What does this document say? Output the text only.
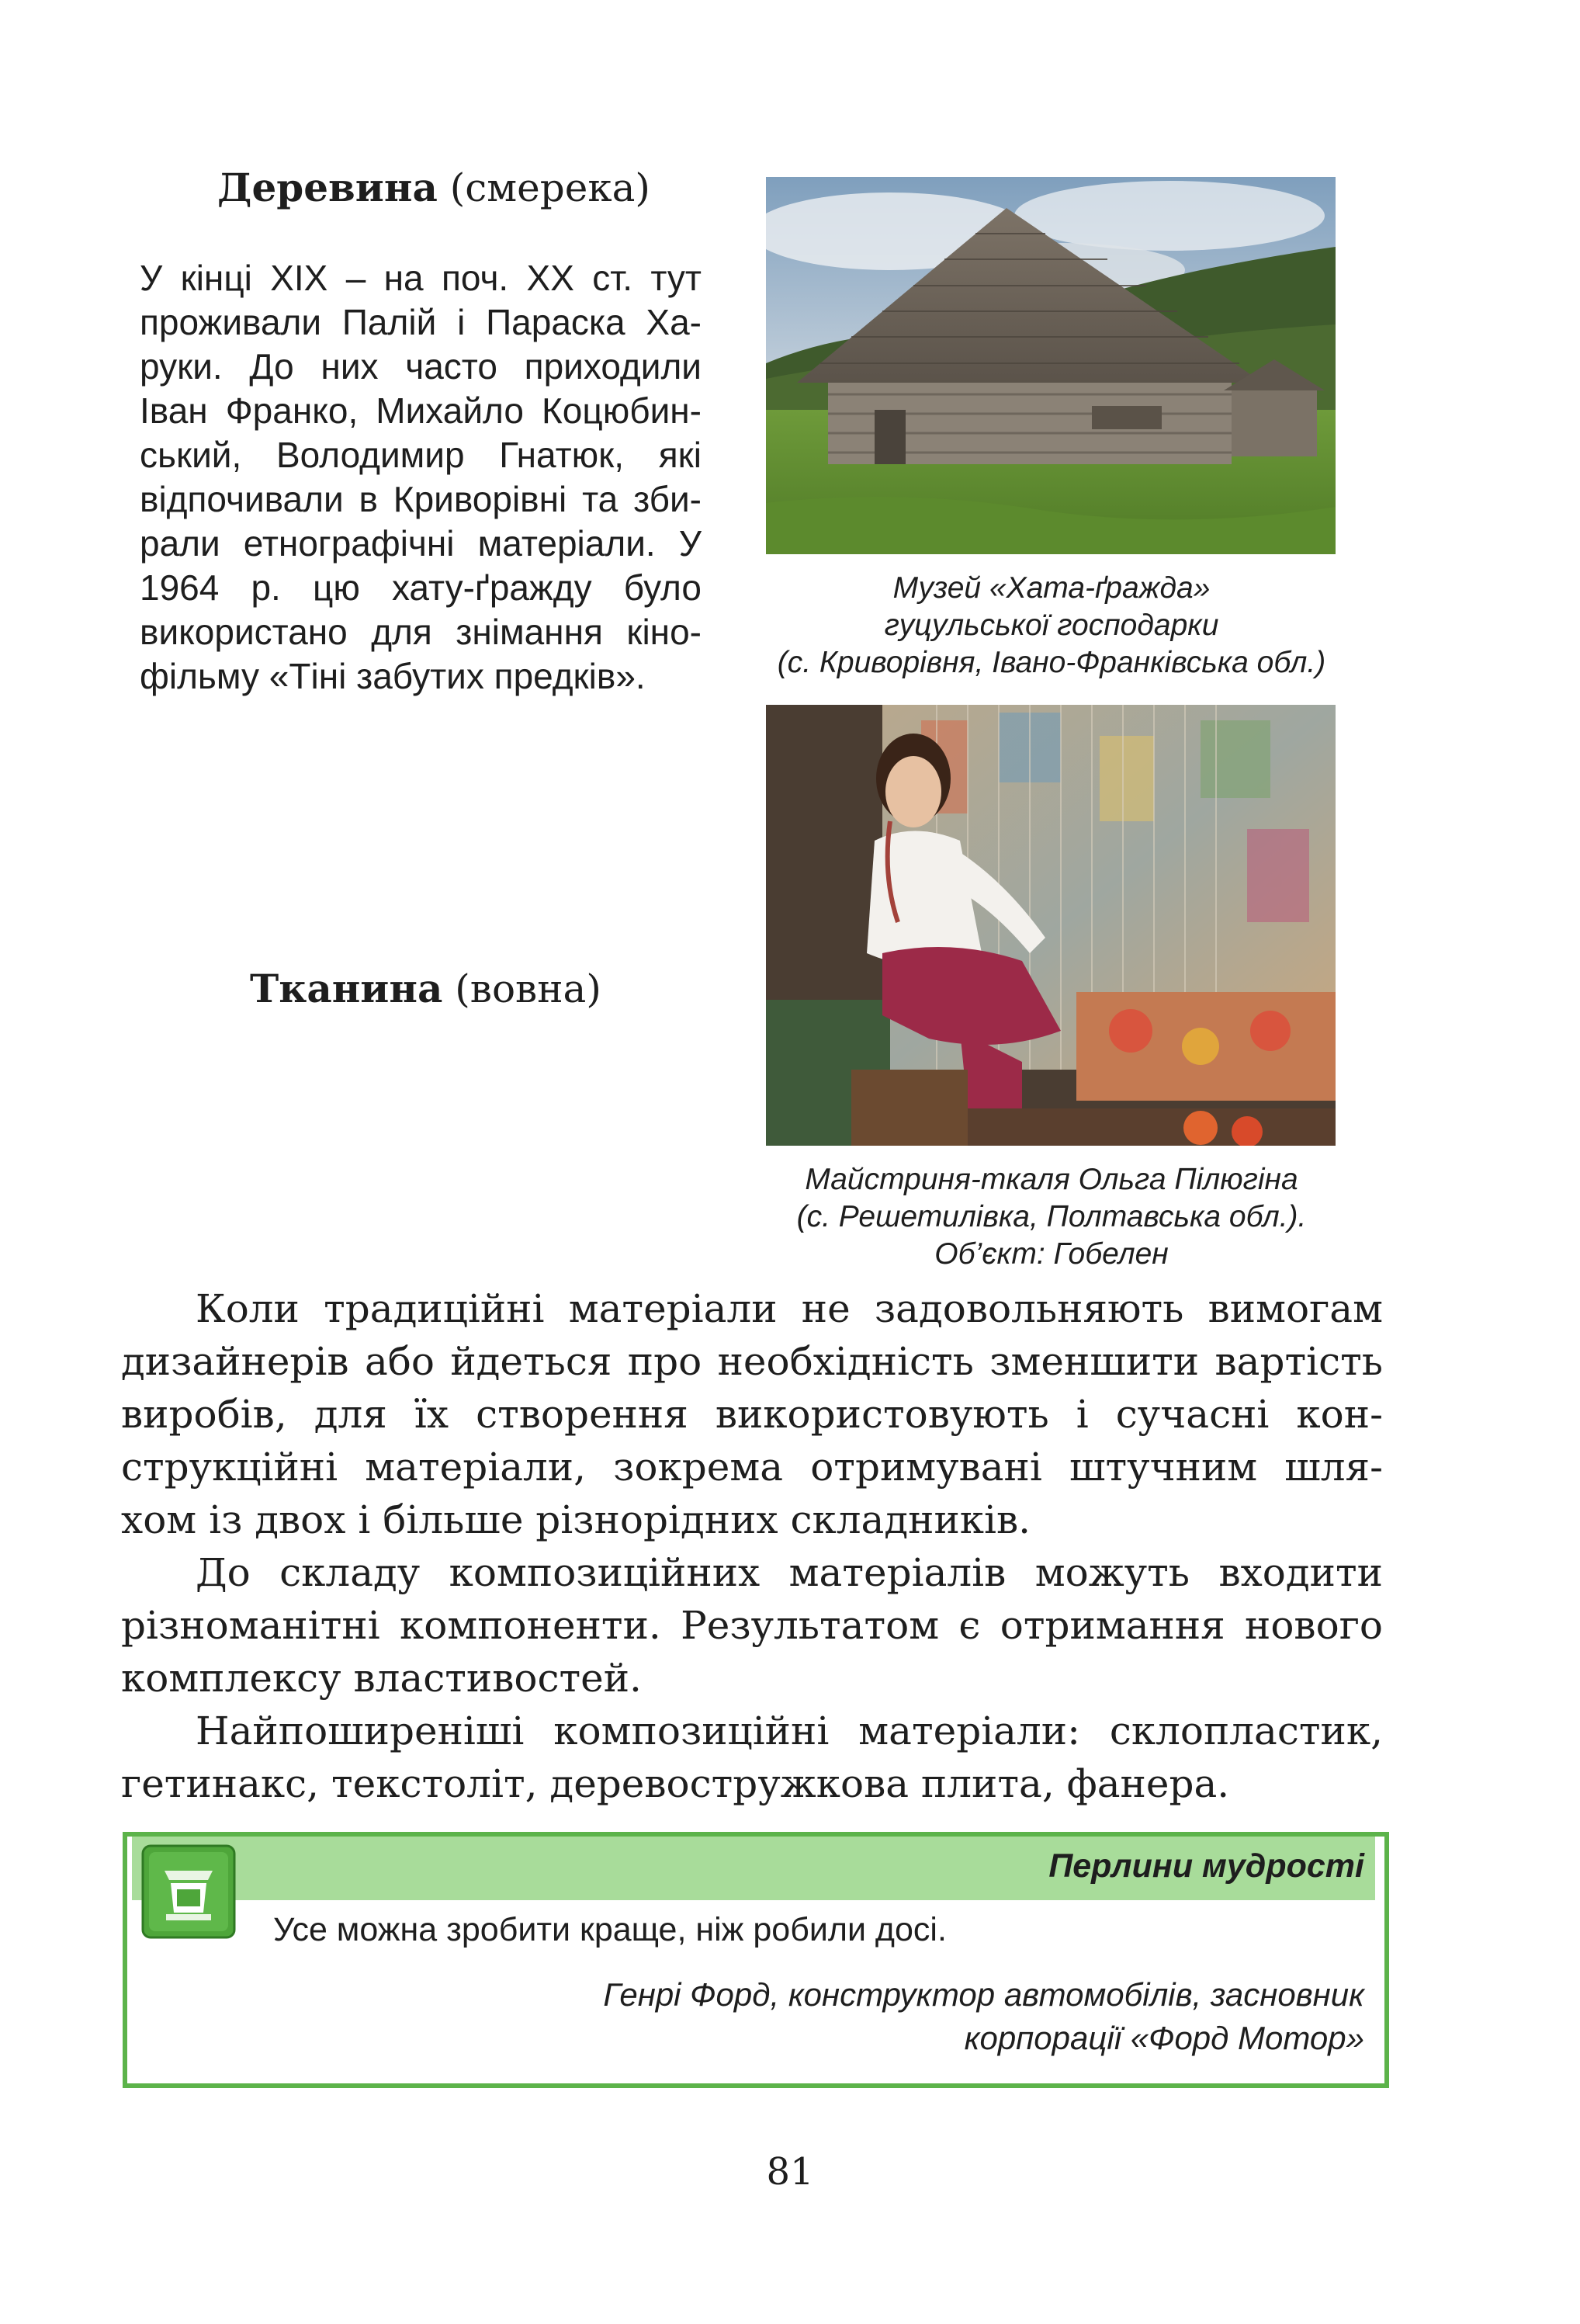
Деревина (смерека)
У кінці XIX – на поч. XX ст. тут
проживали Палій і Параска Ха-
руки. До них часто приходили
Іван Франко, Михайло Коцюбин-
ський, Володимир Гнатюк, які
відпочивали в Криворівні та зби-
рали етнографічні матеріали. У
1964 р. цю хату-ґражду було
використано для знімання кіно-
фільму «Тіні забутих предків».
Музей «Хата-ґражда»
гуцульської господарки
(с. Криворівня, Івано-Франківська обл.)
Тканина (вовна)
Майстриня-ткаля Ольга Пілюгіна
(с. Решетилівка, Полтавська обл.).
Об’єкт: Гобелен
Коли традиційні матеріали не задовольняють вимогам
дизайнерів або йдеться про необхідність зменшити вартість
виробів, для їх створення використовують і сучасні кон-
струкційні матеріали, зокрема отримувані штучним шля-
хом із двох і більше різнорідних складників.
До складу композиційних матеріалів можуть входити
різноманітні компоненти. Результатом є отримання нового
комплексу властивостей.
Найпоширеніші композиційні матеріали: склопластик,
гетинакс, текстоліт, деревостружкова плита, фанера.
Перлини мудрості
Усе можна зробити краще, ніж робили досі.
Генрі Форд, конструктор автомобілів, засновник
корпорації «Форд Мотор»
81
